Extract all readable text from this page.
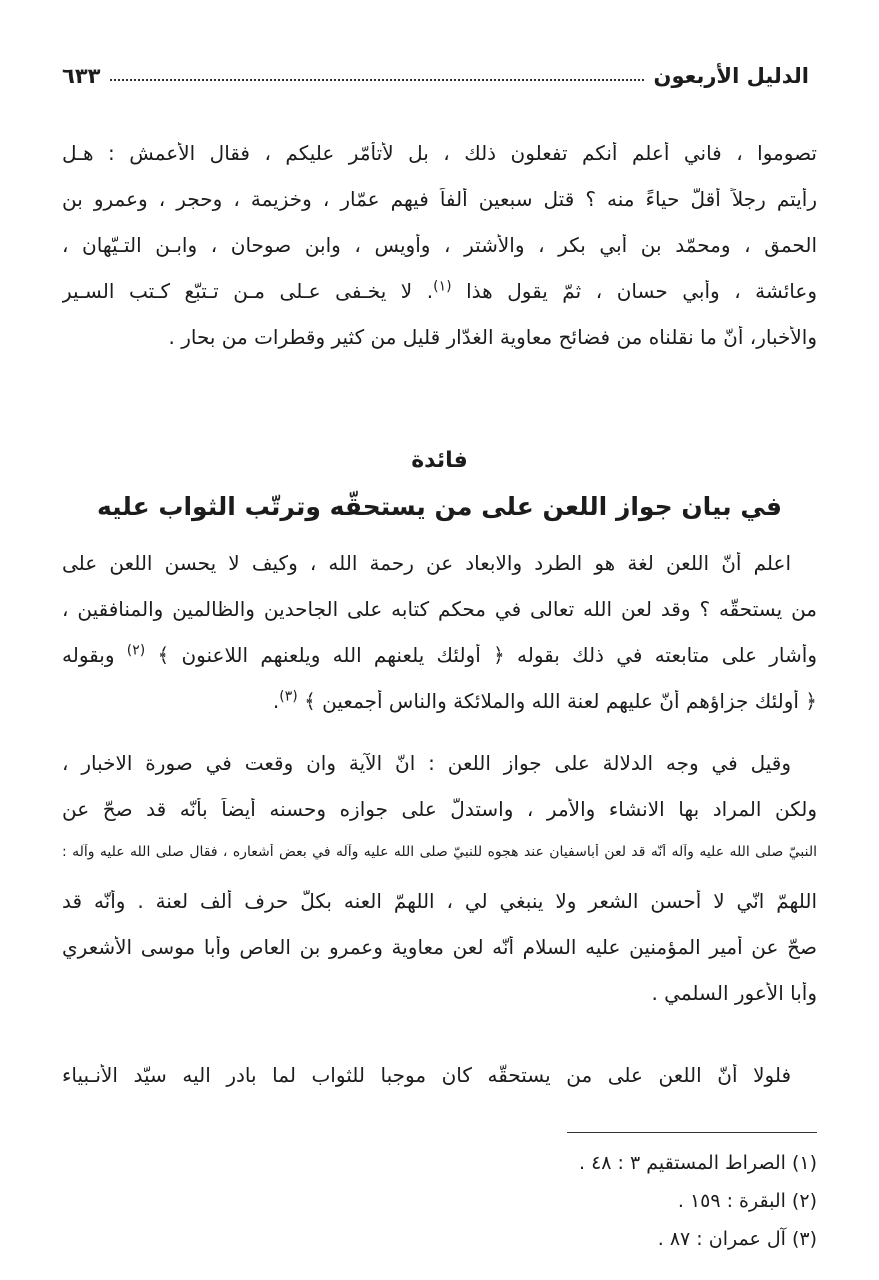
الدليل الأربعون
٦٣٣
تصوموا ، فاني أعلم أنكم تفعلون ذلك ، بل لأتأمّر عليكم ، فقال الأعمش : هـل
رأيتم رجلاً أقلّ حياءً منه ؟ قتل سبعين ألفاً فيهم عمّار ، وخزيمة ، وحجر ، وعمرو بن
الحمق ، ومحمّد بن أبي بكر ، والأشتر ، وأويس ، وابن صوحان ، وابـن التـيّهان ،
وعائشة ، وأبي حسان ، ثمّ يقول هذا $^{(١)}$. لا يخـفى عـلى مـن تـتبّع كـتب السـير
والأخبار، أنّ ما نقلناه من فضائح معاوية الغدّار قليل من كثير وقطرات من بحار .
فائدة
في بيان جواز اللعن على من يستحقّه وترتّب الثواب عليه
اعلم أنّ اللعن لغة هو الطرد والابعاد عن رحمة الله ، وكيف لا يحسن اللعن على
من يستحقّه ؟ وقد لعن الله تعالى في محكم كتابه على الجاحدين والظالمين والمنافقين ،
وأشار على متابعته في ذلك بقوله ﴿ أُولئك يلعنهم الله ويلعنهم اللاعنون ﴾ $^{(٢)}$ وبقوله
﴿ أُولئك جزاؤهم أنّ عليهم لعنة الله والملائكة والناس أجمعين ﴾ $^{(٣)}$.
وقيل في وجه الدلالة على جواز اللعن : انّ الآية وان وقعت في صورة الاخبار ،
ولكن المراد بها الانشاء والأمر ، واستدلّ على جوازه وحسنه أيضاً بأنّه قد صحّ عن
النبيّ صلى الله عليه وآله أنّه قد لعن أباسفيان عند هجوه للنبيّ صلى الله عليه وآله في بعض أشعاره ، فقال صلى الله عليه وآله :
اللهمّ انّي لا أحسن الشعر ولا ينبغي لي ، اللهمّ العنه بكلّ حرف ألف لعنة . وأنّه قد
صحّ عن أمير المؤمنين عليه السلام أنّه لعن معاوية وعمرو بن العاص وأبا موسى الأشعري
وأبا الأعور السلمي .
فلولا أنّ اللعن على من يستحقّه كان موجبا للثواب لما بادر اليه سيّد الأنـبياء
(١) الصراط المستقيم ٣ : ٤٨ .
(٢) البقرة : ١٥٩ .
(٣) آل عمران : ٨٧ .
